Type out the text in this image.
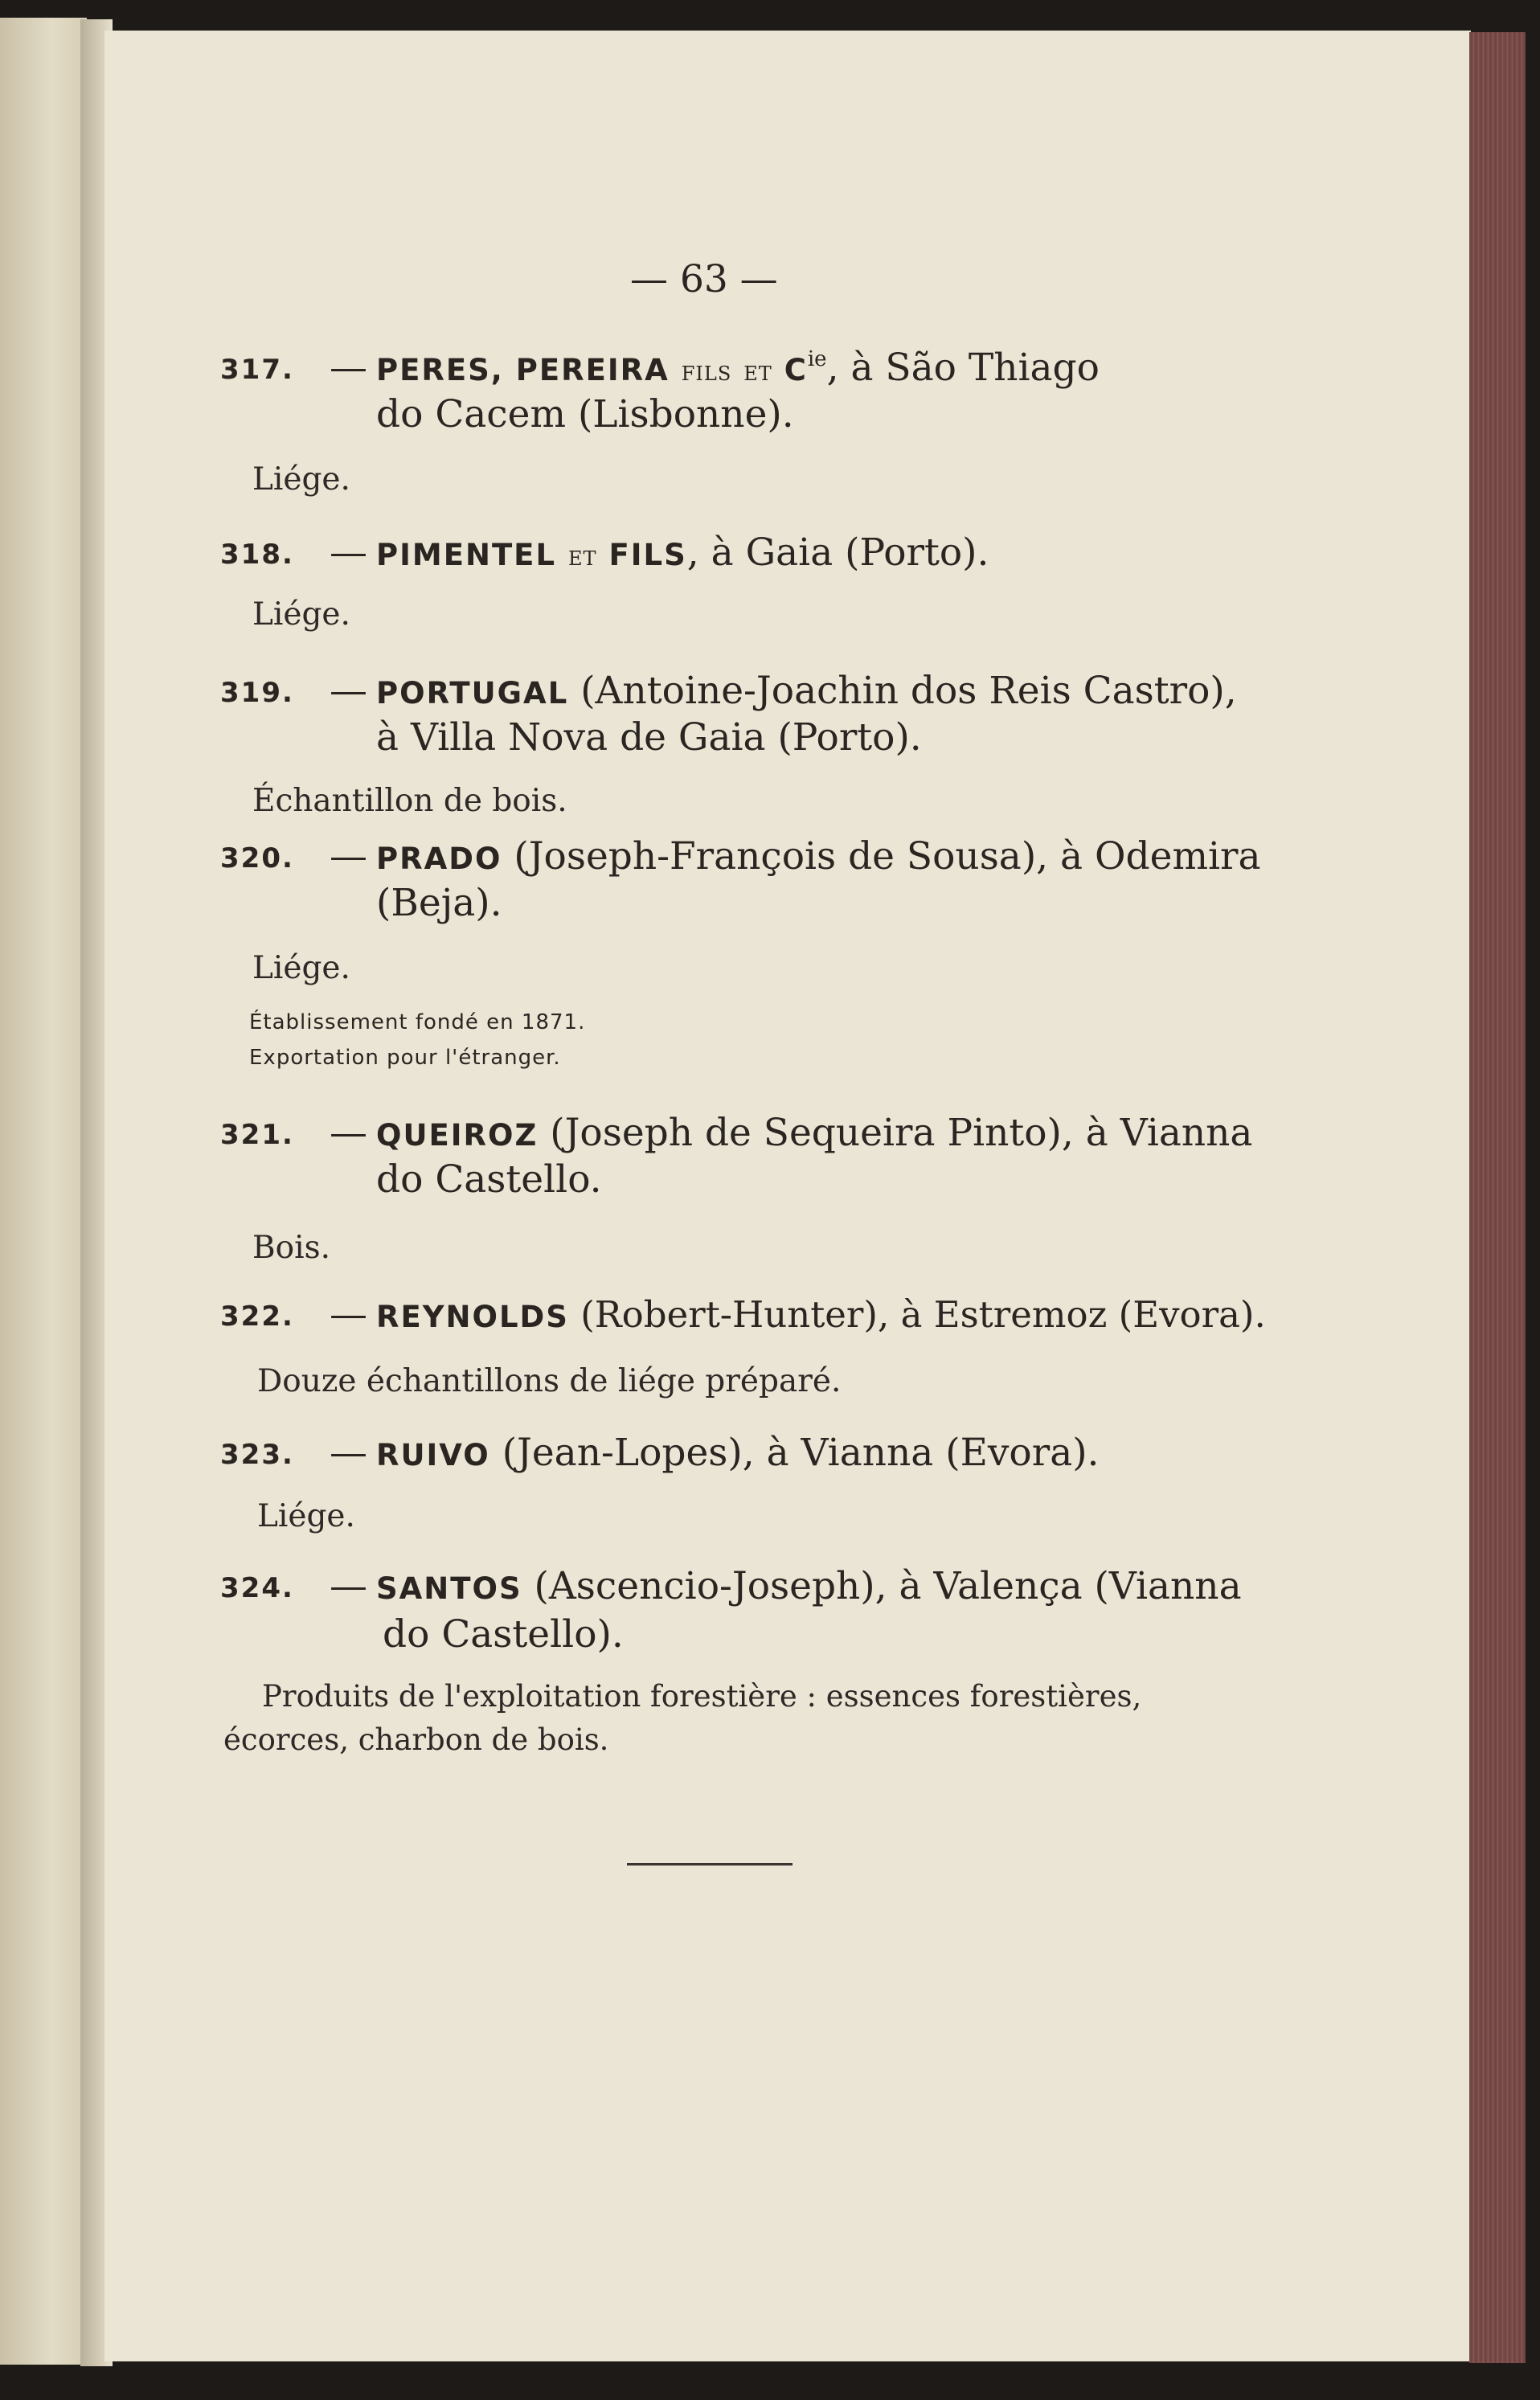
— 63 —
317. — PERES, PEREIRA fils et $C^{ie}$, à São Thiago
do Cacem (Lisbonne).
Liége.
318. — PIMENTEL et FILS, à Gaia (Porto).
Liége.
319. — PORTUGAL (Antoine-Joachin dos Reis Castro),
à Villa Nova de Gaia (Porto).
Échantillon de bois.
320. — PRADO (Joseph-François de Sousa), à Odemira
(Beja).
Liége.
Établissement fondé en 1871.
Exportation pour l'étranger.
321. — QUEIROZ (Joseph de Sequeira Pinto), à Vianna
do Castello.
Bois.
322. — REYNOLDS (Robert-Hunter), à Estremoz (Evora).
Douze échantillons de liége préparé.
323. — RUIVO (Jean-Lopes), à Vianna (Evora).
Liége.
324. — SANTOS (Ascencio-Joseph), à Valença (Vianna
do Castello).
Produits de l'exploitation forestière : essences forestières,
écorces, charbon de bois.
